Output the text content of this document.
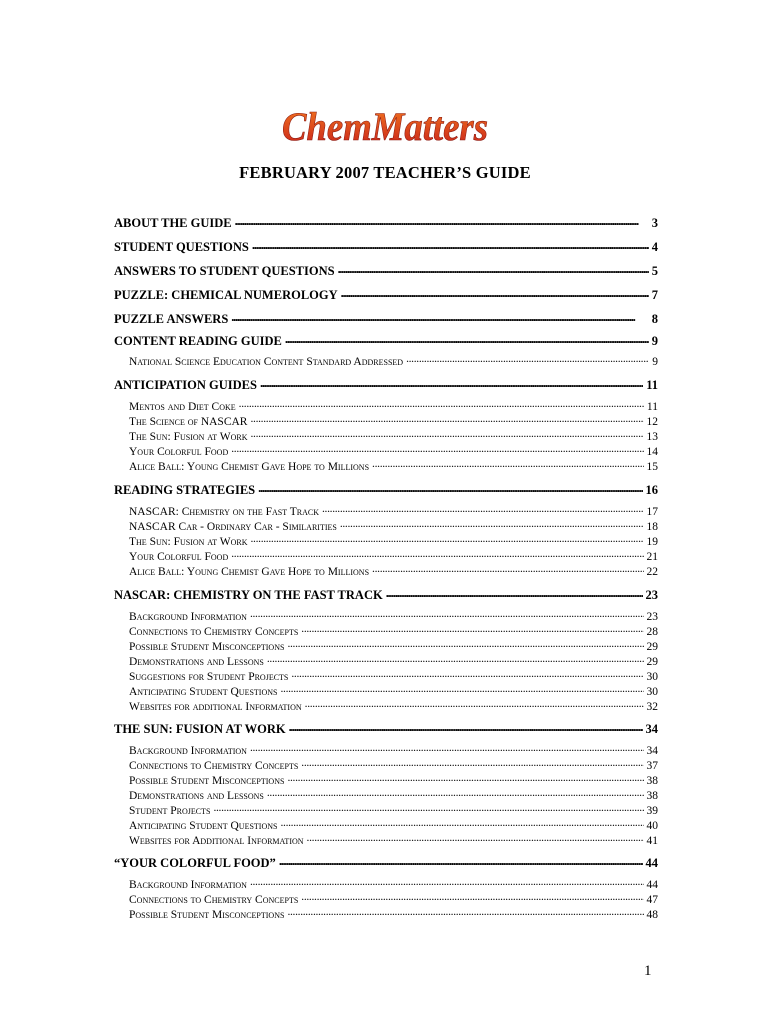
ChemMatters
FEBRUARY 2007 TEACHER’S GUIDE
ABOUT THE GUIDE . . .	3
STUDENT QUESTIONS . . .	4
ANSWERS TO STUDENT QUESTIONS . . .	5
PUZZLE: CHEMICAL NUMEROLOGY . . .	7
PUZZLE ANSWERS . . .	8
CONTENT READING GUIDE . . .	9
National Science Education Content Standard Addressed . . .	9
ANTICIPATION GUIDES . . .	11
Mentos and Diet Coke . . .	11
The Science of NASCAR . . .	12
The Sun: Fusion at Work . . .	13
Your Colorful Food . . .	14
Alice Ball: Young Chemist Gave Hope to Millions . . .	15
READING STRATEGIES . . .	16
NASCAR: Chemistry on the Fast Track . . .	17
NASCAR Car - Ordinary Car - Similarities . . .	18
The Sun: Fusion at Work . . .	19
Your Colorful Food . . .	21
Alice Ball: Young Chemist Gave Hope to Millions . . .	22
NASCAR: CHEMISTRY ON THE FAST TRACK . . .	23
Background Information . . .	23
Connections to Chemistry Concepts . . .	28
Possible Student Misconceptions . . .	29
Demonstrations and Lessons . . .	29
Suggestions for Student Projects . . .	30
Anticipating Student Questions . . .	30
Websites for additional Information . . .	32
THE SUN: FUSION AT WORK . . .	34
Background Information . . .	34
Connections to Chemistry Concepts . . .	37
Possible Student Misconceptions . . .	38
Demonstrations and Lessons . . .	38
Student Projects . . .	39
Anticipating Student Questions . . .	40
Websites for Additional Information . . .	41
“YOUR COLORFUL FOOD” . . .	44
Background Information . . .	44
Connections to Chemistry Concepts . . .	47
Possible Student Misconceptions . . .	48
1
